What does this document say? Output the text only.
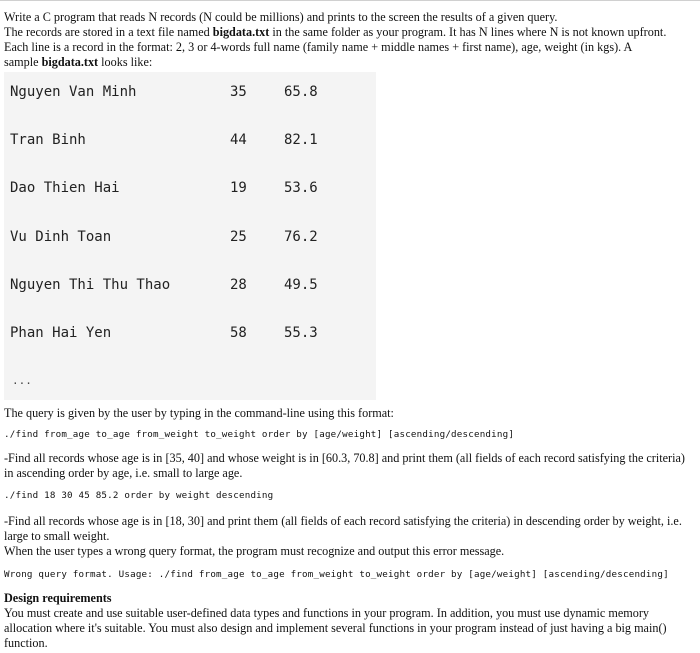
Write a C program that reads N records (N could be millions) and prints to the screen the results of a given query.
The records are stored in a text file named bigdata.txt in the same folder as your program. It has N lines where N is not known upfront.
Each line is a record in the format: 2, 3 or 4-words full name (family name + middle names + first name), age, weight (in kgs). A
sample bigdata.txt looks like:
Nguyen Van Minh	35	65.8
Tran Binh	44	82.1
Dao Thien Hai	19	53.6
Vu Dinh Toan	25	76.2
Nguyen Thi Thu Thao	28	49.5
Phan Hai Yen	58	55.3
...
The query is given by the user by typing in the command-line using this format:
./find from_age to_age from_weight to_weight order by [age/weight] [ascending/descending]
-Find all records whose age is in [35, 40] and whose weight is in [60.3, 70.8] and print them (all fields of each record satisfying the criteria)
in ascending order by age, i.e. small to large age.
./find 18 30 45 85.2 order by weight descending
-Find all records whose age is in [18, 30] and print them (all fields of each record satisfying the criteria) in descending order by weight, i.e.
large to small weight.
When the user types a wrong query format, the program must recognize and output this error message.
Wrong query format. Usage: ./find from_age to_age from_weight to_weight order by [age/weight] [ascending/descending]
Design requirements
You must create and use suitable user-defined data types and functions in your program. In addition, you must use dynamic memory
allocation where it's suitable. You must also design and implement several functions in your program instead of just having a big main()
function.
